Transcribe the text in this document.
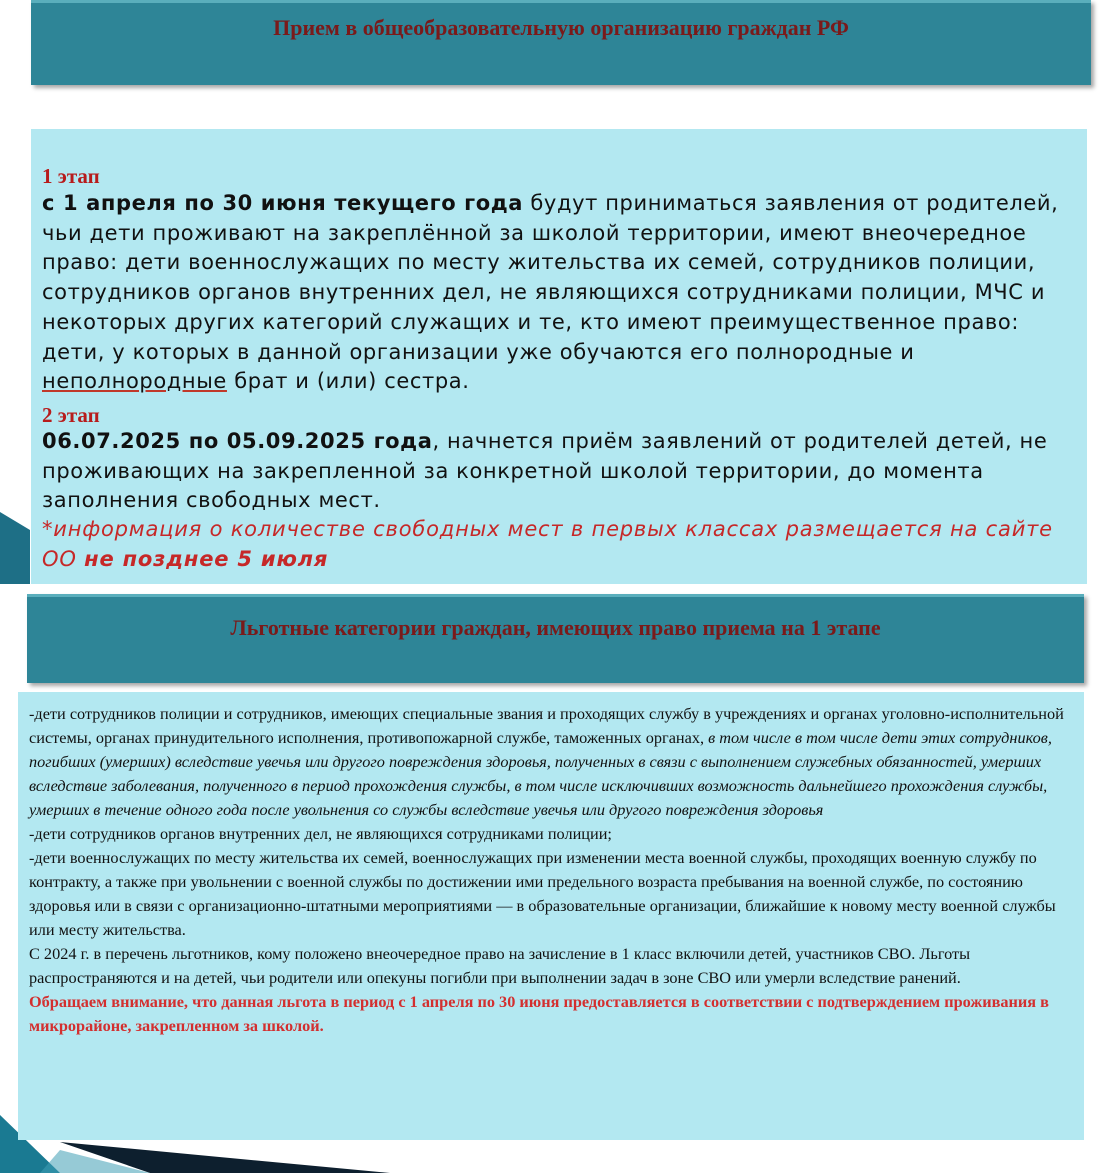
Прием в общеобразовательную организацию граждан РФ
1 этап
с 1 апреля по 30 июня текущего года будут приниматься заявления от родителей, чьи дети проживают на закреплённой за школой территории, имеют внеочередное право: дети военнослужащих по месту жительства их семей, сотрудников полиции, сотрудников органов внутренних дел, не являющихся сотрудниками полиции, МЧС и некоторых других категорий служащих и те, кто имеют преимущественное право: дети, у которых в данной организации уже обучаются его полнородные и неполнородные брат и (или) сестра.
2 этап
06.07.2025 по 05.09.2025 года, начнется приём заявлений от родителей детей, не проживающих на закрепленной за конкретной школой территории, до момента заполнения свободных мест.
*информация о количестве свободных мест в первых классах размещается на сайте ОО не позднее 5 июля
Льготные категории граждан, имеющих право приема на 1 этапе
-дети сотрудников полиции и сотрудников, имеющих специальные звания и проходящих службу в учреждениях и органах уголовно-исполнительной системы, органах принудительного исполнения, противопожарной службе, таможенных органах, в том числе в том числе дети этих сотрудников, погибших (умерших) вследствие увечья или другого повреждения здоровья, полученных в связи с выполнением служебных обязанностей, умерших вследствие заболевания, полученного в период прохождения службы, в том числе исключивших возможность дальнейшего прохождения службы, умерших в течение одного года после увольнения со службы вследствие увечья или другого повреждения здоровья
-дети сотрудников органов внутренних дел, не являющихся сотрудниками полиции;
-дети военнослужащих по месту жительства их семей, военнослужащих при изменении места военной службы, проходящих военную службу по контракту, а также при увольнении с военной службы по достижении ими предельного возраста пребывания на военной службе, по состоянию здоровья или в связи с организационно-штатными мероприятиями — в образовательные организации, ближайшие к новому месту военной службы или месту жительства.
С 2024 г. в перечень льготников, кому положено внеочередное право на зачисление в 1 класс включили детей, участников СВО. Льготы распространяются и на детей, чьи родители или опекуны погибли при выполнении задач в зоне СВО или умерли вследствие ранений.
Обращаем внимание, что данная льгота в период с 1 апреля по 30 июня предоставляется в соответствии с подтверждением проживания в микрорайоне, закрепленном за школой.
